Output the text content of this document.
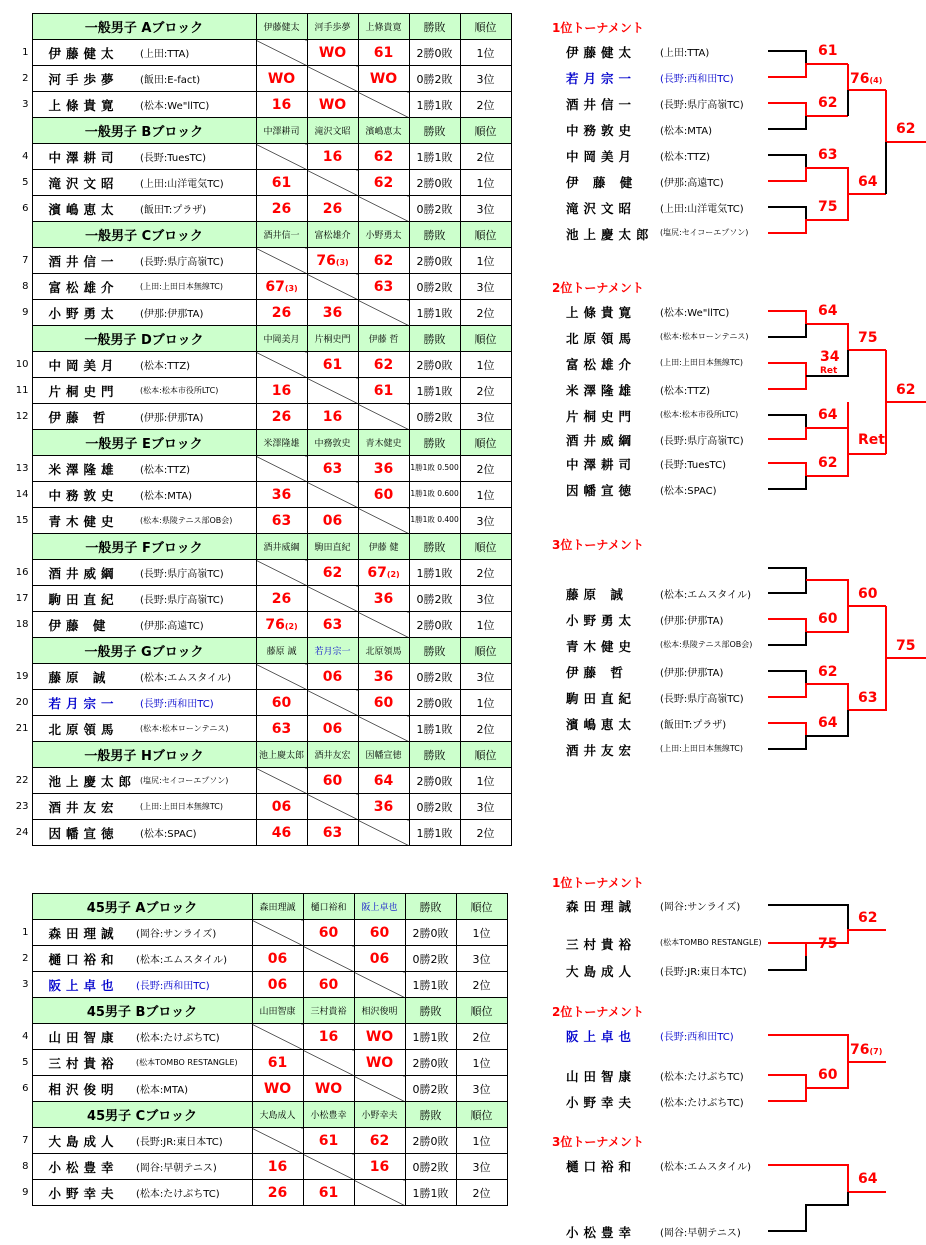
	一般男子 Aブロック		伊藤健太	河手歩夢	上條貴寛	勝敗	順位
1	伊藤健太	(上田:TTA)		WO	61	2勝0敗	1位
2	河手歩夢	(飯田:E-fact)	WO		WO	0勝2敗	3位
3	上條貴寛	(松本:We"llTC)	16	WO		1勝1敗	2位
	一般男子 Bブロック		中澤耕司	滝沢文昭	濱嶋恵太	勝敗	順位
4	中澤耕司	(長野:TuesTC)		16	62	1勝1敗	2位
5	滝沢文昭	(上田:山洋電気TC)	61		62	2勝0敗	1位
6	濱嶋恵太	(飯田T:プラザ)	26	26		0勝2敗	3位
	一般男子 Cブロック		酒井信一	富松雄介	小野勇太	勝敗	順位
7	酒井信一	(長野:県庁高嶺TC)		76(3)	62	2勝0敗	1位
8	富松雄介	(上田:上田日本無線TC)	67(3)		63	0勝2敗	3位
9	小野勇太	(伊那:伊那TA)	26	36		1勝1敗	2位
	一般男子 Dブロック		中岡美月	片桐史門	伊藤 哲	勝敗	順位
10	中岡美月	(松本:TTZ)		61	62	2勝0敗	1位
11	片桐史門	(松本:松本市役所LTC)	16		61	1勝1敗	2位
12	伊藤 哲	(伊那:伊那TA)	26	16		0勝2敗	3位
	一般男子 Eブロック		米澤隆雄	中務敦史	青木健史	勝敗	順位
13	米澤隆雄	(松本:TTZ)		63	36	1勝1敗 0.500	2位
14	中務敦史	(松本:MTA)	36		60	1勝1敗 0.600	1位
15	青木健史	(松本:県陵テニス部OB会)	63	06		1勝1敗 0.400	3位
	一般男子 Fブロック		酒井威綱	駒田直紀	伊藤 健	勝敗	順位
16	酒井威綱	(長野:県庁高嶺TC)		62	67(2)	1勝1敗	2位
17	駒田直紀	(長野:県庁高嶺TC)	26		36	0勝2敗	3位
18	伊藤 健	(伊那:高遠TC)	76(2)	63		2勝0敗	1位
	一般男子 Gブロック		藤原 誠	若月宗一	北原領馬	勝敗	順位
19	藤原 誠	(松本:エムスタイル)		06	36	0勝2敗	3位
20	若月宗一	(長野:西和田TC)	60		60	2勝0敗	1位
21	北原領馬	(松本:松本ローンテニス)	63	06		1勝1敗	2位
	一般男子 Hブロック		池上慶太郎	酒井友宏	因幡宣徳	勝敗	順位
22	池上慶太郎	(塩尻:セイコーエプソン)		60	64	2勝0敗	1位
23	酒井友宏	(上田:上田日本無線TC)	06		36	0勝2敗	3位
24	因幡宣徳	(松本:SPAC)	46	63		1勝1敗	2位
	45男子 Aブロック		森田理誠	樋口裕和	阪上卓也	勝敗	順位
1	森田理誠	(岡谷:サンライズ)		60	60	2勝0敗	1位
2	樋口裕和	(松本:エムスタイル)	06		06	0勝2敗	3位
3	阪上卓也	(長野:西和田TC)	06	60		1勝1敗	2位
	45男子 Bブロック		山田智康	三村貴裕	相沢俊明	勝敗	順位
4	山田智康	(松本:たけぶちTC)		16	WO	1勝1敗	2位
5	三村貴裕	(松本TOMBO RESTANGLE)	61		WO	2勝0敗	1位
6	相沢俊明	(松本:MTA)	WO	WO		0勝2敗	3位
	45男子 Cブロック		大島成人	小松豊幸	小野幸夫	勝敗	順位
7	大島成人	(長野:JR:東日本TC)		61	62	2勝0敗	1位
8	小松豊幸	(岡谷:早朝テニス)	16		16	0勝2敗	3位
9	小野幸夫	(松本:たけぶちTC)	26	61		1勝1敗	2位
1位トーナメント
2位トーナメント
3位トーナメント
1位トーナメント
2位トーナメント
3位トーナメント
伊藤健太 (上田:TTA)
若月宗一 (長野:西和田TC)
酒井信一 (長野:県庁高嶺TC)
中務敦史 (松本:MTA)
中岡美月 (松本:TTZ)
伊 藤 健 (伊那:高遠TC)
滝沢文昭 (上田:山洋電気TC)
池上慶太郎 (塩尻:セイコーエプソン)
上條貴寛 (松本:We"llTC)
北原領馬	(松本:松本ローンテニス)
富松雄介	(上田:上田日本無線TC)
米澤隆雄 (松本:TTZ)
片桐史門	(松本:松本市役所LTC)
酒井威綱 (長野:県庁高嶺TC)
中澤耕司 (長野:TuesTC)
因幡宣徳 (松本:SPAC)
藤原 誠	(松本:エムスタイル)
小野勇太 (伊那:伊那TA)
青木健史	(松本:県陵テニス部OB会)
伊藤 哲	(伊那:伊那TA)
駒田直紀 (長野:県庁高嶺TC)
濱嶋恵太 (飯田T:プラザ)
酒井友宏	(上田:上田日本無線TC)
森田理誠 (岡谷:サンライズ)
三村貴裕	(松本TOMBO RESTANGLE)
大島成人 (長野:JR:東日本TC)
阪上卓也 (長野:西和田TC)
山田智康 (松本:たけぶちTC)
小野幸夫 (松本:たけぶちTC)
樋口裕和 (松本:エムスタイル)
小松豊幸 (岡谷:早朝テニス)
61
76(4)
62
62
63
64
75
64
75
34
Ret
62
64
Ret
62
60
60
75
62
63
64
62
75
76(7)
60
64
